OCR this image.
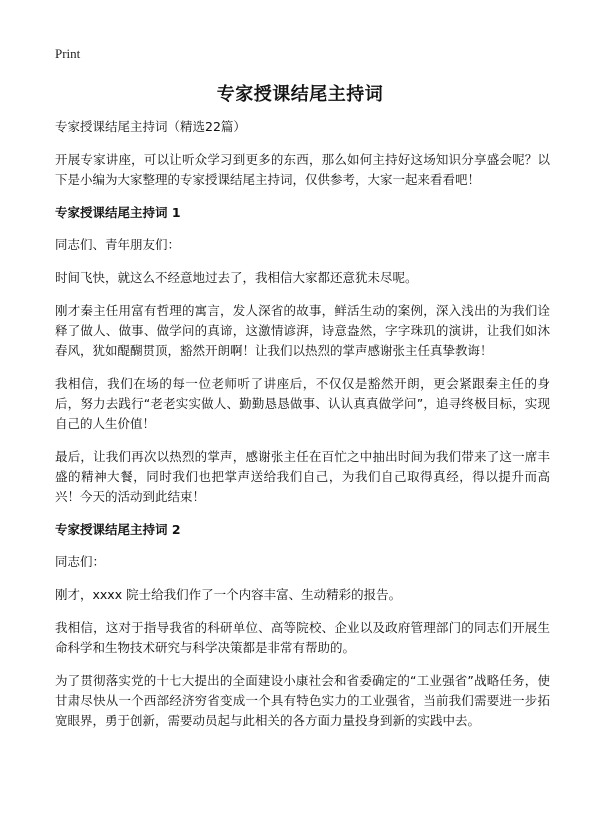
Print
专家授课结尾主持词
专家授课结尾主持词（精选22篇）

开展专家讲座，可以让听众学习到更多的东西，那么如何主持好这场知识分享盛会呢？以下是小编为大家整理的专家授课结尾主持词，仅供参考，大家一起来看看吧！

专家授课结尾主持词 1

同志们、青年朋友们：

时间飞快，就这么不经意地过去了，我相信大家都还意犹未尽呢。

刚才秦主任用富有哲理的寓言，发人深省的故事，鲜活生动的案例，深入浅出的为我们诠释了做人、做事、做学问的真谛，这激情谚湃，诗意盎然，字字珠玑的演讲，让我们如沐春风，犹如醍醐贯顶，豁然开朗啊！让我们以热烈的掌声感谢张主任真挚教诲！

我相信，我们在场的每一位老师听了讲座后，不仅仅是豁然开朗，更会紧跟秦主任的身后，努力去践行“老老实实做人、勤勤恳恳做事、认认真真做学问”，追寻终极目标，实现自己的人生价值！

最后，让我们再次以热烈的掌声，感谢张主任在百忙之中抽出时间为我们带来了这一席丰盛的精神大餐，同时我们也把掌声送给我们自己，为我们自己取得真经，得以提升而高兴！今天的活动到此结束！

专家授课结尾主持词 2

同志们：

刚才，xxxx 院士给我们作了一个内容丰富、生动精彩的报告。

我相信，这对于指导我省的科研单位、高等院校、企业以及政府管理部门的同志们开展生命科学和生物技术研究与科学决策都是非常有帮助的。

为了贯彻落实党的十七大提出的全面建设小康社会和省委确定的“工业强省”战略任务，使甘肃尽快从一个西部经济穷省变成一个具有特色实力的工业强省，当前我们需要进一步拓宽眼界，勇于创新，需要动员起与此相关的各方面力量投身到新的实践中去。
